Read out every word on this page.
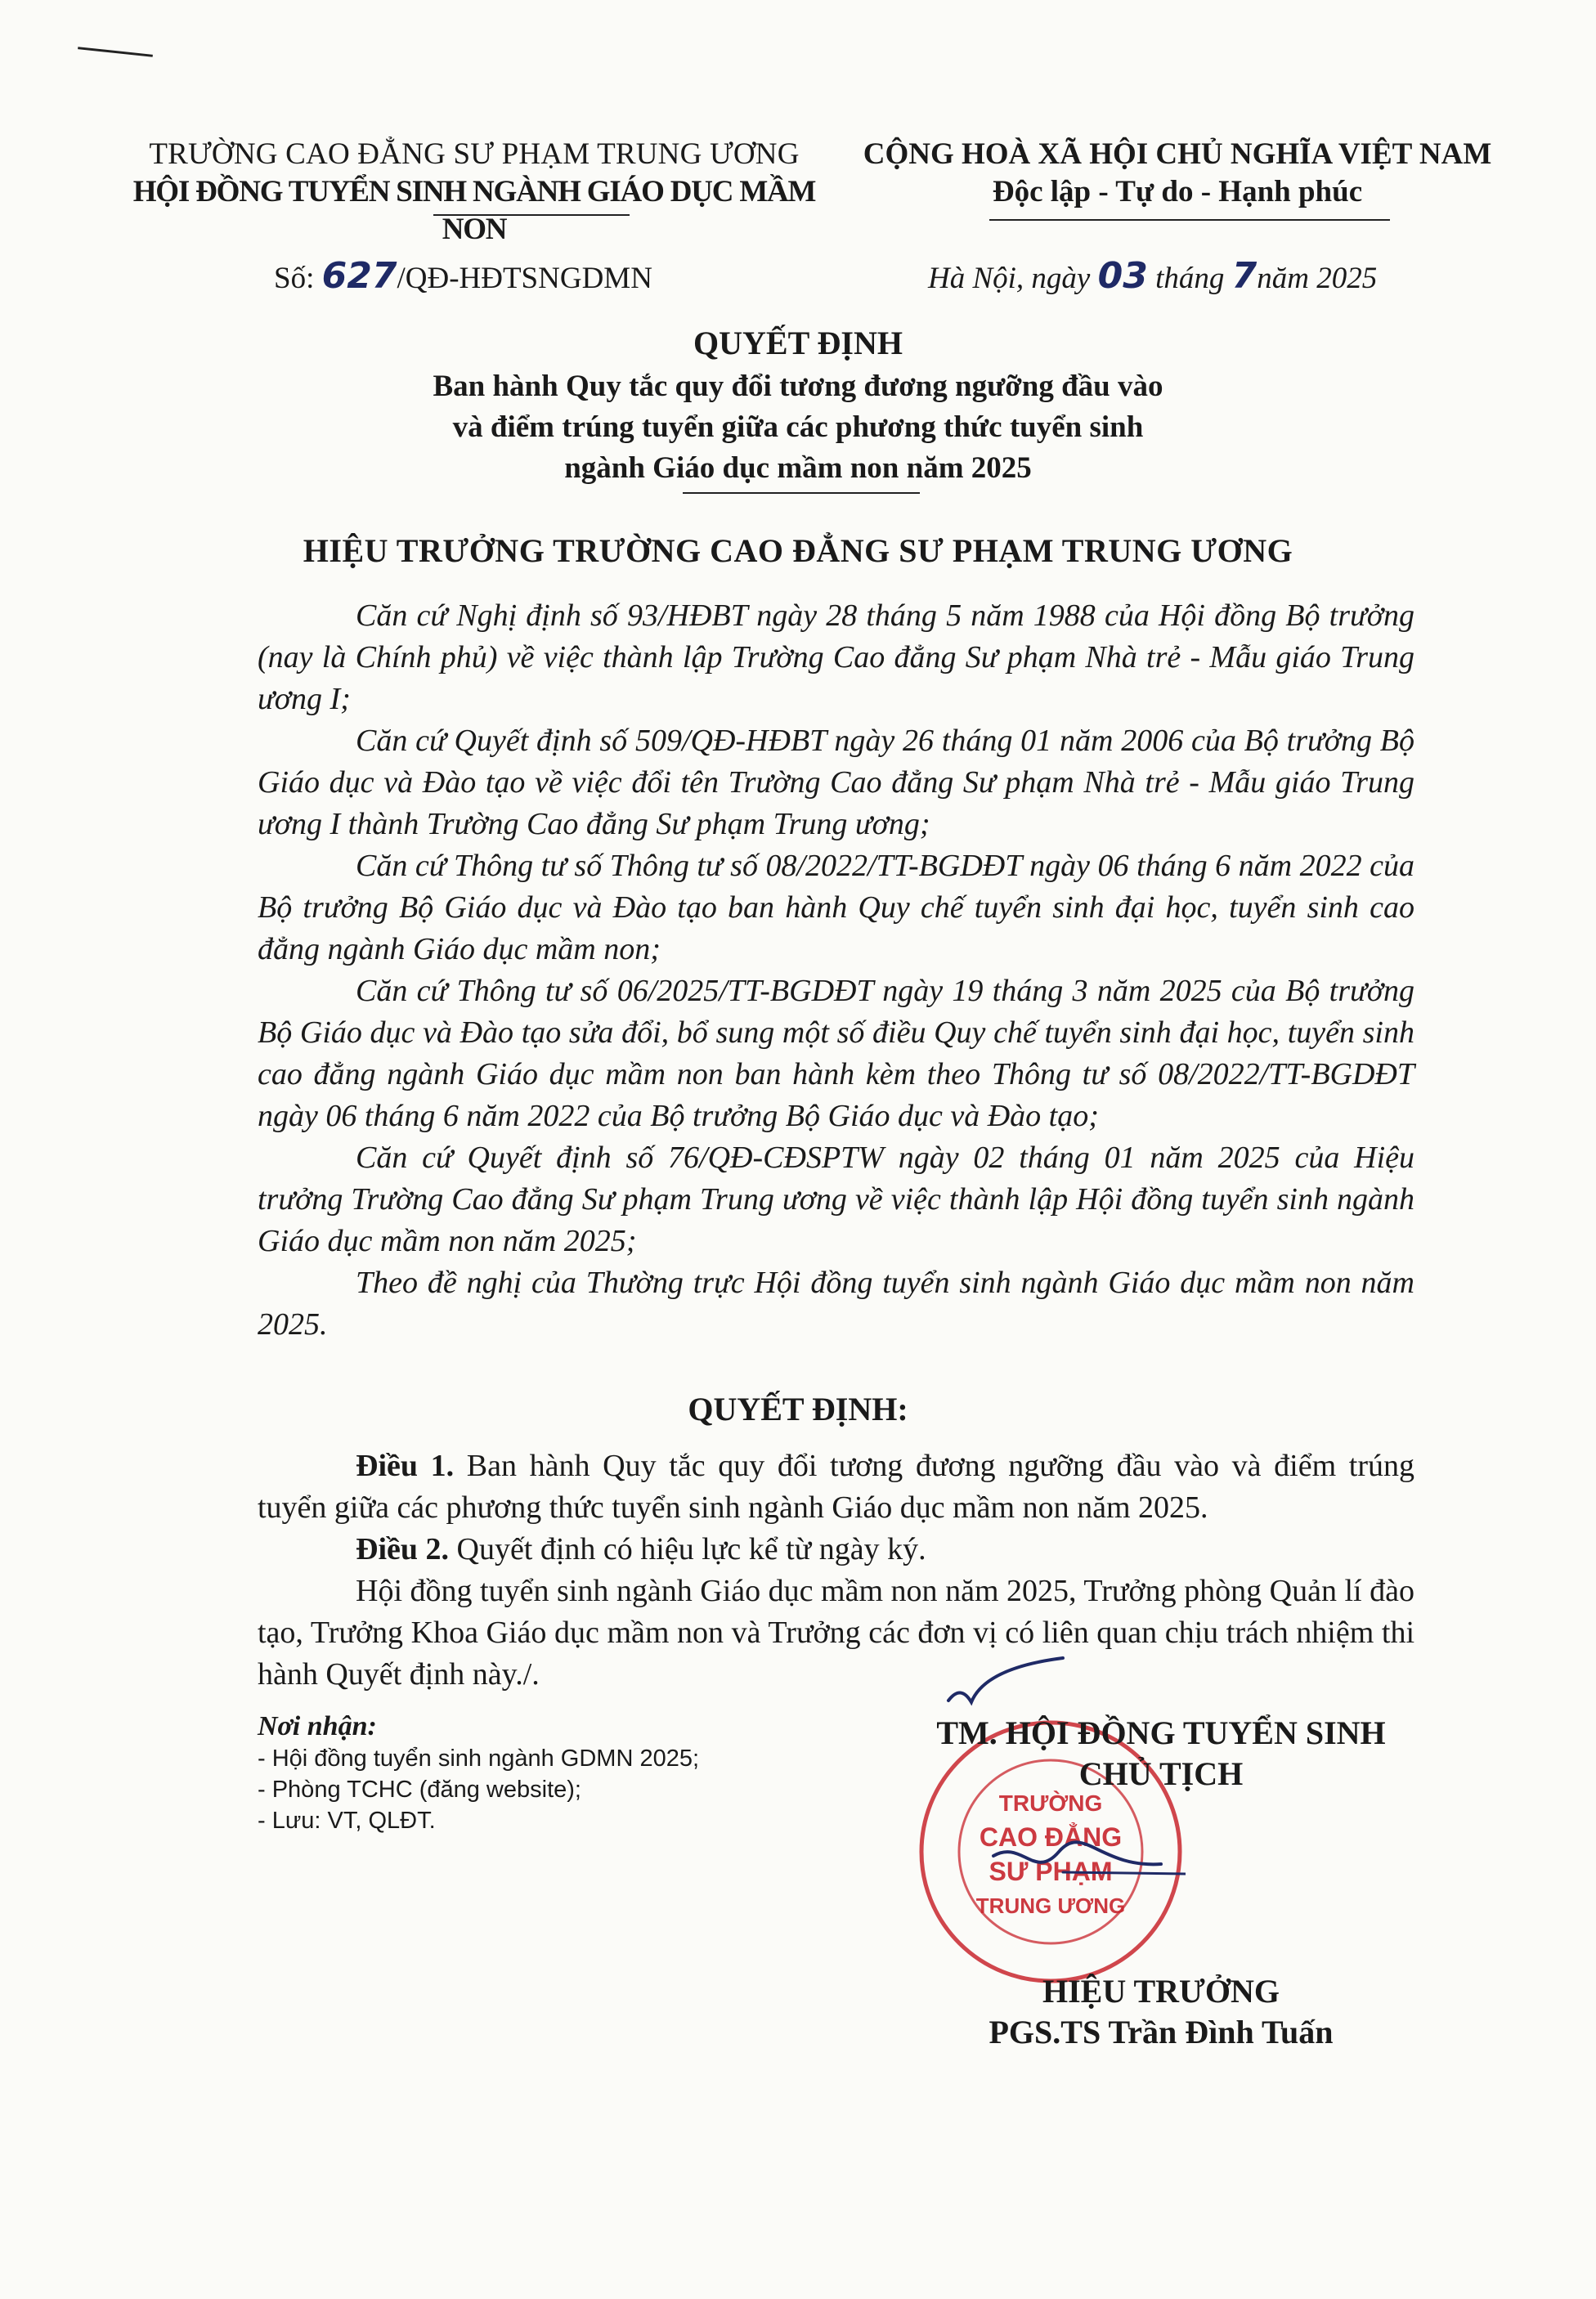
TRƯỜNG CAO ĐẲNG SƯ PHẠM TRUNG ƯƠNG
HỘI ĐỒNG TUYỂN SINH NGÀNH GIÁO DỤC MẦM NON
CỘNG HOÀ XÃ HỘI CHỦ NGHĨA VIỆT NAM
Độc lập - Tự do - Hạnh phúc
Số: 627/QĐ-HĐTSNGDMN	Hà Nội, ngày 03 tháng 7năm 2025
QUYẾT ĐỊNH
Ban hành Quy tắc quy đổi tương đương ngưỡng đầu vào
và điểm trúng tuyển giữa các phương thức tuyển sinh
ngành Giáo dục mầm non năm 2025
HIỆU TRƯỞNG TRƯỜNG CAO ĐẲNG SƯ PHẠM TRUNG ƯƠNG

Căn cứ Nghị định số 93/HĐBT ngày 28 tháng 5 năm 1988 của Hội đồng Bộ trưởng (nay là Chính phủ) về việc thành lập Trường Cao đẳng Sư phạm Nhà trẻ - Mẫu giáo Trung ương I;

Căn cứ Quyết định số 509/QĐ-HĐBT ngày 26 tháng 01 năm 2006 của Bộ trưởng Bộ Giáo dục và Đào tạo về việc đổi tên Trường Cao đẳng Sư phạm Nhà trẻ - Mẫu giáo Trung ương I thành Trường Cao đẳng Sư phạm Trung ương;

Căn cứ Thông tư số Thông tư số 08/2022/TT-BGDĐT ngày 06 tháng 6 năm 2022 của Bộ trưởng Bộ Giáo dục và Đào tạo ban hành Quy chế tuyển sinh đại học, tuyển sinh cao đẳng ngành Giáo dục mầm non;

Căn cứ Thông tư số 06/2025/TT-BGDĐT ngày 19 tháng 3 năm 2025 của Bộ trưởng Bộ Giáo dục và Đào tạo sửa đổi, bổ sung một số điều Quy chế tuyển sinh đại học, tuyển sinh cao đẳng ngành Giáo dục mầm non ban hành kèm theo Thông tư số 08/2022/TT-BGDĐT ngày 06 tháng 6 năm 2022 của Bộ trưởng Bộ Giáo dục và Đào tạo;

Căn cứ Quyết định số 76/QĐ-CĐSPTW ngày 02 tháng 01 năm 2025 của Hiệu trưởng Trường Cao đẳng Sư phạm Trung ương về việc thành lập Hội đồng tuyển sinh ngành Giáo dục mầm non năm 2025;

Theo đề nghị của Thường trực Hội đồng tuyển sinh ngành Giáo dục mầm non năm 2025.

QUYẾT ĐỊNH:

Điều 1. Ban hành Quy tắc quy đổi tương đương ngưỡng đầu vào và điểm trúng tuyển giữa các phương thức tuyển sinh ngành Giáo dục mầm non năm 2025.

Điều 2. Quyết định có hiệu lực kể từ ngày ký.

Hội đồng tuyển sinh ngành Giáo dục mầm non năm 2025, Trưởng phòng Quản lí đào tạo, Trưởng Khoa Giáo dục mầm non và Trưởng các đơn vị có liên quan chịu trách nhiệm thi hành Quyết định này./.

Nơi nhận:
- Hội đồng tuyển sinh ngành GDMN 2025;
- Phòng TCHC (đăng website);
- Lưu: VT, QLĐT.
TRƯỜNG
CAO ĐẲNG
SƯ PHẠM
TRUNG ƯƠNG
TM. HỘI ĐỒNG TUYỂN SINH
CHỦ TỊCH
HIỆU TRƯỞNG
PGS.TS Trần Đình Tuấn
